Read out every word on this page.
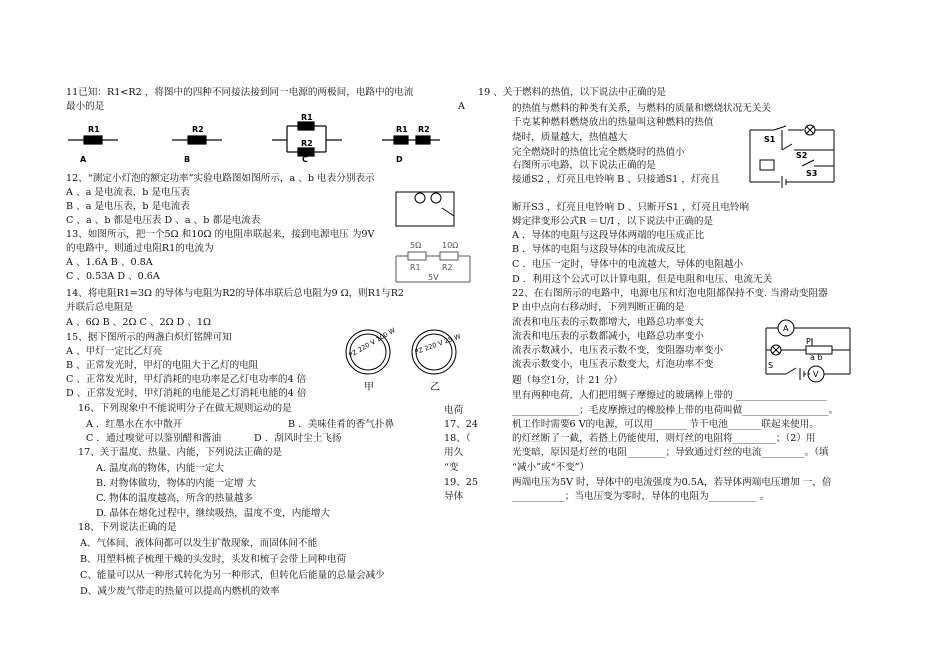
11已知：R1<R2 ，将图中的四种不同接法接到同一电源的两极间，电路中的电流
最小的是
R1	R2
R1
R2
R1 R2
A	B	C	D
12、“测定小灯泡的额定功率”实验电路图如图所示，a 、b 电表分别表示
A 、a 是电流表，b 是电压表
B 、a 是电压表，b 是电流表
C 、a 、b 都是电压表 D 、a 、b 都是电流表
13、如图所示，把一个5Ω 和10Ω 的电阻串联起来，接到电源电压 为9V
的电路中，则通过电阻R1的电流为
A 、1.6A B 、0.8A
C 、0.53A D 、0.6A
5Ω	10Ω
R1	R2
5V
14、将电阻R1=3Ω 的导体与电阻为R2的导体串联后总电阻为9 Ω，则R1与R2
并联后总电阻是
A 、6Ω B 、2Ω C 、2Ω D 、1Ω
15、据下图所示的两盏白炽灯铭牌可知
A 、甲灯一定比乙灯亮
B 、正常发光时，甲灯的电阻大于乙灯的电阻
C 、正常发光时，甲灯消耗的电功率是乙灯电功率的4 倍
D 、正常发光时，甲灯消耗的电能是乙灯消耗电能的4 倍
PZ 220 V 100 W	PZ 220 V 25 W
甲	乙
16、下列现象中不能说明分子在做无规则运动的是
A ．红墨水在水中散开	B ．美味佳肴的香气扑鼻
C ．通过嗅觉可以鉴别醋和酱油	D ．刮风时尘土飞扬
17、关于温度、热量、内能，下列说法正确的是
A. 温度高的物体，内能一定大
B. 对物体做功，物体的内能一定增 大
C. 物体的温度越高，所含的热量越多
D. 晶体在熔化过程中，继续吸热，温度不变，内能增大
18、下列说法正确的是
A、气体间、液体间都可以发生扩散现象，而固体间不能
B、用塑料梳子梳理干燥的头发时，头发和梳子会带上同种电荷
C、能量可以从一种形式转化为另一种形式，但转化后能量的总量会减少
D、减少废气带走的热量可以提高内燃机的效率
电荷
17、24
18、（
用久
“变
19、25
导体
19 、关于燃料的热值，以下说法中正确的是
A	的热值与燃料的种类有关系，与燃料的质量和燃烧状况无关关
千克某种燃料燃烧放出的热量叫这种燃料的热值
烧时，质量越大，热值越大
完全燃烧时的热值比完全燃烧时的热值小
右图所示电路，以下说法正确的是
接通S2 ，灯亮且电铃响 B 、只接通S1 ，灯亮且
断开S3 ，灯亮且电铃响 D 、只断开S1 ，灯亮且电铃响
S1
S2
S3
姆定律变形公式R ＝U/I ，以下说法中正确的是
A ．导体的电阻与这段导体两端的电压成正比
B ．导体的电阻与这段导体的电流成反比
C ．电压一定时，导体中的电流越大，导体的电阻越小
D ．利用这个公式可以计算电阻，但是电阻和电压、电流无关
22、在右图所示的电路中，电源电压和灯泡电阻都保持不变. 当滑动变阻器
P 由中点向右移动时，下列判断正确的是
流表和电压表的示数都增大，电路总功率变大
流表和电压表的示数都减小，电路总功率变小
流表示数减小，电压表示数不变，变阻器功率变小
流表示数变小，电压表示数变大，灯泡功率不变
A
V
P
a b
S
题（每空1分，计 21 分）
里有两种电荷，人们把用绸子摩擦过的玻璃棒上带的 ___________________
______________；毛皮摩擦过的橡胶棒上带的电荷叫做__________________。
机工作时需要6 V的电源，可以用_______ 节干电池_______联起来使用。
的灯丝断了一截，若搭上仍能使用，则灯丝的电阻将_________；（2）用
光变暗，原因是灯丝的电阻________；导致通过灯丝的电流_________。（填
“减小”或“不变”）
两端电压为5V 时，导体中的电流强度为0.5A，若导体两端电压增加 一，倍
___________；当电压变为零时，导体的电阻为__________ 。
